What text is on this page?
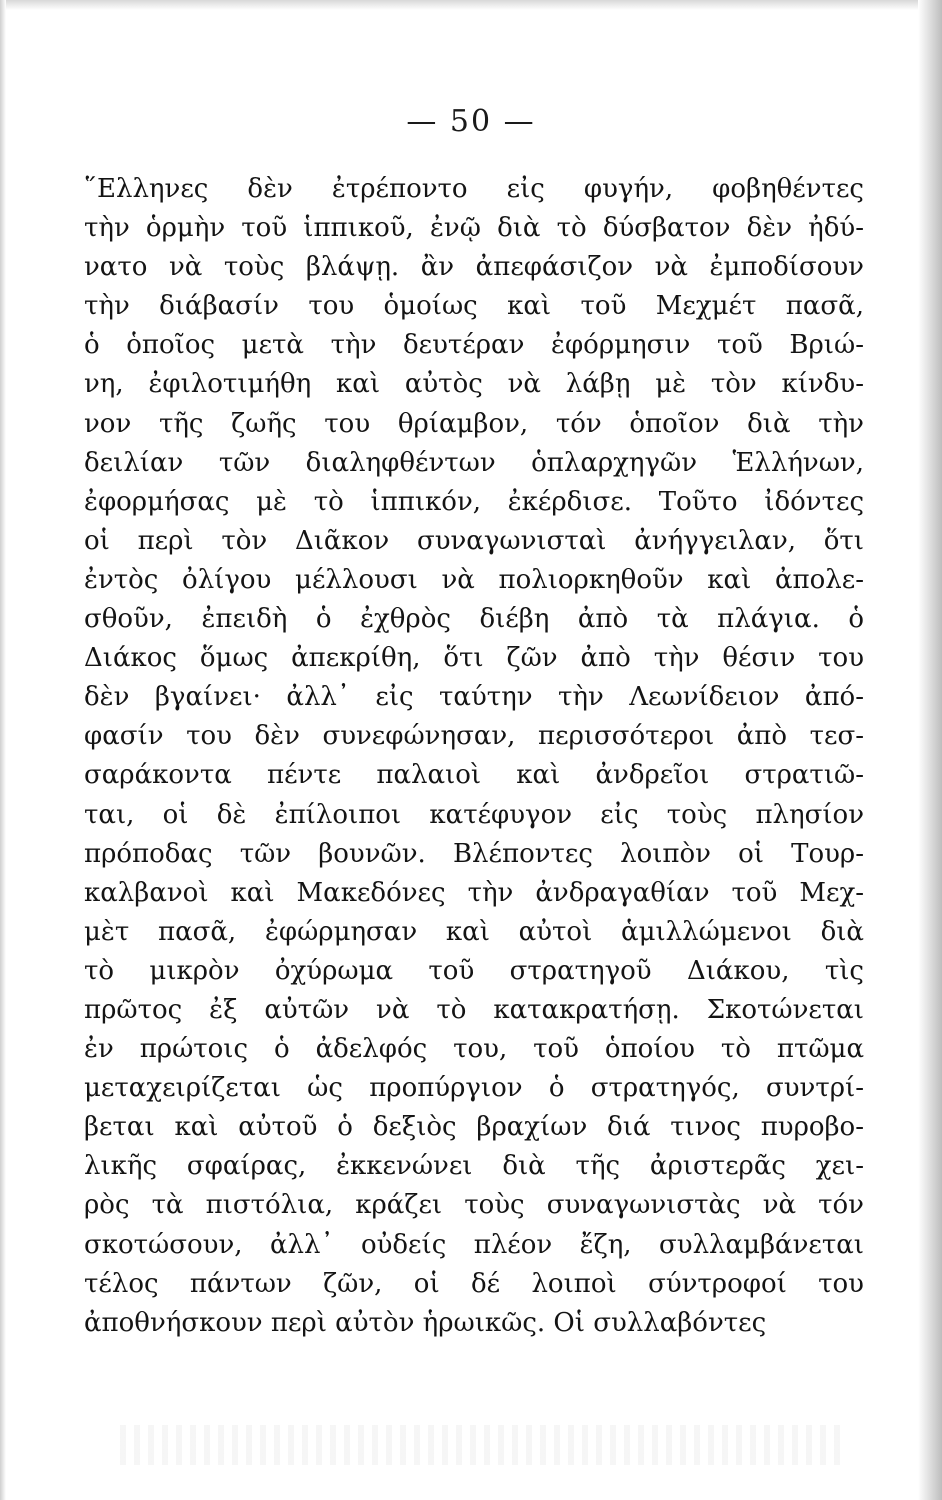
— 50 —
῞Ελληνες δὲν ἐτρέποντο εἰς φυγήν, φοβηθέντες
τὴν ὁρμὴν τοῦ ἱππικοῦ, ἐνῷ διὰ τὸ δύσβατον δὲν ἠδύ-
νατο νὰ τοὺς βλάψῃ. ἂν ἀπεφάσιζον νὰ ἐμποδίσουν
τὴν διάβασίν του ὁμοίως καὶ τοῦ Μεχμέτ πασᾶ,
ὁ ὁποῖος μετὰ τὴν δευτέραν ἐφόρμησιν τοῦ Βριώ-
νη, ἐφιλοτιμήθη καὶ αὐτὸς νὰ λάβῃ μὲ τὸν κίνδυ-
νον τῆς ζωῆς του θρίαμβον, τόν ὁποῖον διὰ τὴν
δειλίαν τῶν διαληφθέντων ὁπλαρχηγῶν Ἑλλήνων,
ἐφορμήσας μὲ τὸ ἱππικόν, ἐκέρδισε. Τοῦτο ἰδόντες
οἱ περὶ τὸν Διᾶκον συναγωνισταὶ ἀνήγγειλαν, ὅτι
ἐντὸς ὀλίγου μέλλουσι νὰ πολιορκηθοῦν καὶ ἀπολε-
σθοῦν, ἐπειδὴ ὁ ἐχθρὸς διέβη ἀπὸ τὰ πλάγια. ὁ
Διάκος ὅμως ἀπεκρίθη, ὅτι ζῶν ἀπὸ τὴν θέσιν του
δὲν βγαίνει· ἀλλ᾽ εἰς ταύτην τὴν Λεωνίδειον ἀπό-
φασίν του δὲν συνεφώνησαν, περισσότεροι ἀπὸ τεσ-
σαράκοντα πέντε παλαιοὶ καὶ ἀνδρεῖοι στρατιῶ-
ται, οἱ δὲ ἐπίλοιποι κατέφυγον εἰς τοὺς πλησίον
πρόποδας τῶν βουνῶν. Βλέποντες λοιπὸν οἱ Τουρ-
καλβανοὶ καὶ Μακεδόνες τὴν ἀνδραγαθίαν τοῦ Μεχ-
μὲτ πασᾶ, ἐφώρμησαν καὶ αὐτοὶ ἁμιλλώμενοι διὰ
τὸ μικρὸν ὀχύρωμα τοῦ στρατηγοῦ Διάκου, τὶς
πρῶτος ἐξ αὐτῶν νὰ τὸ κατακρατήσῃ. Σκοτώνεται
ἐν πρώτοις ὁ ἀδελφός του, τοῦ ὁποίου τὸ πτῶμα
μεταχειρίζεται ὡς προπύργιον ὁ στρατηγός, συντρί-
βεται καὶ αὐτοῦ ὁ δεξιὸς βραχίων διά τινος πυροβο-
λικῆς σφαίρας, ἐκκενώνει διὰ τῆς ἀριστερᾶς χει-
ρὸς τὰ πιστόλια, κράζει τοὺς συναγωνιστὰς νὰ τόν
σκοτώσουν, ἀλλ᾽ οὐδείς πλέον ἔζη, συλλαμβάνεται
τέλος πάντων ζῶν, οἱ δέ λοιποὶ σύντροφοί του
ἀποθνήσκουν περὶ αὐτὸν ἡρωικῶς. Οἱ συλλαβόντες
